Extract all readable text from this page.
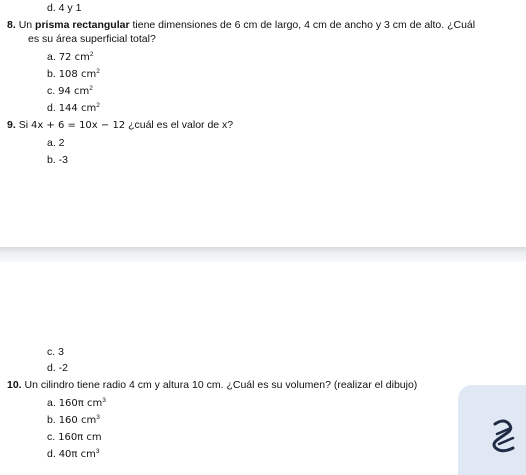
d. 4 y 1
8. Un prisma rectangular tiene dimensiones de 6 cm de largo, 4 cm de ancho y 3 cm de alto. ¿Cuál
es su área superficial total?
a. 72 $cm^2$
b. 108 $cm^2$
c. 94 $cm^2$
d. 144 $cm^2$
9. Si 4x + 6 = 10x − 12 ¿cuál es el valor de x?
a. 2
b. -3
c. 3
d. -2
10. Un cilindro tiene radio 4 cm y altura 10 cm. ¿Cuál es su volumen? (realizar el dibujo)
a. 160π $cm^3$
b. 160 $cm^3$
c. 160π cm
d. 40π $cm^3$
